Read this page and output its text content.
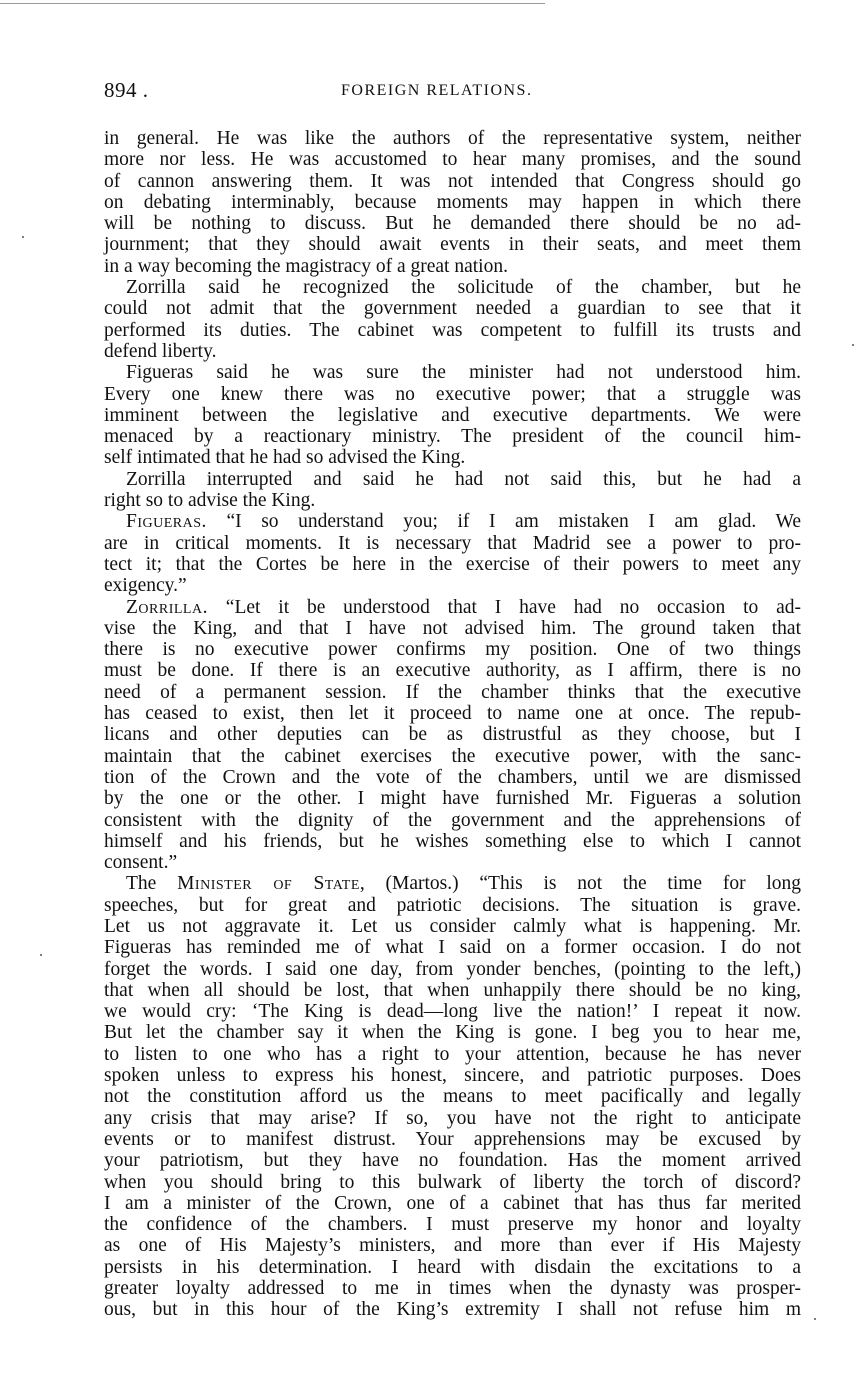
894 .	FOREIGN RELATIONS.
in general. He was like the authors of the representative system, neither
more nor less. He was accustomed to hear many promises, and the sound
of cannon answering them. It was not intended that Congress should go
on debating interminably, because moments may happen in which there
will be nothing to discuss. But he demanded there should be no ad-
journment; that they should await events in their seats, and meet them
in a way becoming the magistracy of a great nation.
Zorrilla said he recognized the solicitude of the chamber, but he
could not admit that the government needed a guardian to see that it
performed its duties. The cabinet was competent to fulfill its trusts and
defend liberty.
Figueras said he was sure the minister had not understood him.
Every one knew there was no executive power; that a struggle was
imminent between the legislative and executive departments. We were
menaced by a reactionary ministry. The president of the council him-
self intimated that he had so advised the King.
Zorrilla interrupted and said he had not said this, but he had a
right so to advise the King.
Figueras. “I so understand you; if I am mistaken I am glad. We
are in critical moments. It is necessary that Madrid see a power to pro-
tect it; that the Cortes be here in the exercise of their powers to meet any
exigency.”
Zorrilla. “Let it be understood that I have had no occasion to ad-
vise the King, and that I have not advised him. The ground taken that
there is no executive power confirms my position. One of two things
must be done. If there is an executive authority, as I affirm, there is no
need of a permanent session. If the chamber thinks that the executive
has ceased to exist, then let it proceed to name one at once. The repub-
licans and other deputies can be as distrustful as they choose, but I
maintain that the cabinet exercises the executive power, with the sanc-
tion of the Crown and the vote of the chambers, until we are dismissed
by the one or the other. I might have furnished Mr. Figueras a solution
consistent with the dignity of the government and the apprehensions of
himself and his friends, but he wishes something else to which I cannot
consent.”
The Minister of State, (Martos.) “This is not the time for long
speeches, but for great and patriotic decisions. The situation is grave.
Let us not aggravate it. Let us consider calmly what is happening. Mr.
Figueras has reminded me of what I said on a former occasion. I do not
forget the words. I said one day, from yonder benches, (pointing to the left,)
that when all should be lost, that when unhappily there should be no king,
we would cry: ‘The King is dead—long live the nation!’ I repeat it now.
But let the chamber say it when the King is gone. I beg you to hear me,
to listen to one who has a right to your attention, because he has never
spoken unless to express his honest, sincere, and patriotic purposes. Does
not the constitution afford us the means to meet pacifically and legally
any crisis that may arise? If so, you have not the right to anticipate
events or to manifest distrust. Your apprehensions may be excused by
your patriotism, but they have no foundation. Has the moment arrived
when you should bring to this bulwark of liberty the torch of discord?
I am a minister of the Crown, one of a cabinet that has thus far merited
the confidence of the chambers. I must preserve my honor and loyalty
as one of His Majesty’s ministers, and more than ever if His Majesty
persists in his determination. I heard with disdain the excitations to a
greater loyalty addressed to me in times when the dynasty was prosper-
ous, but in this hour of the King’s extremity I shall not refuse him m
